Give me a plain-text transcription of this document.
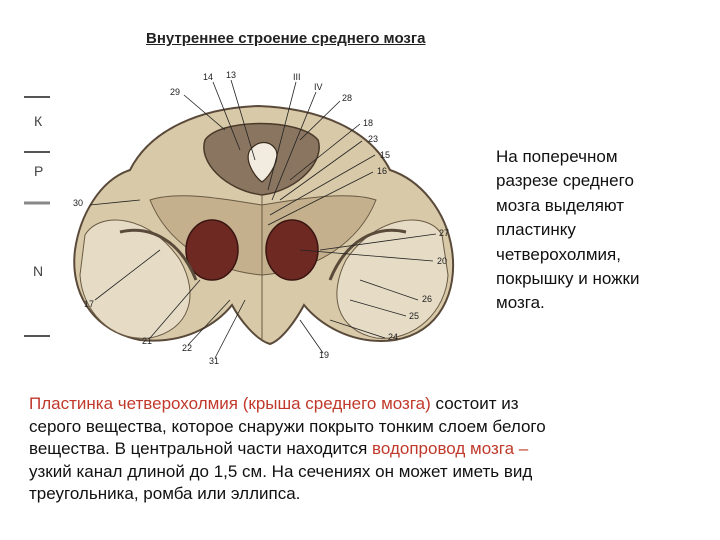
Внутреннее строение среднего мозга
К
Р
N
29
14 13	III
IV
28
18
23
15
16
30
27
20
26
25
24
17
21
22
31
19
На поперечном
разрезе среднего
мозга выделяют
пластинку
четверохолмия,
покрышку и ножки
мозга.
Пластинка четверохолмия (крыша среднего мозга) состоит из
серого вещества, которое снаружи покрыто тонким слоем белого
вещества. В центральной части находится водопровод мозга –
узкий канал длиной до 1,5 см. На сечениях он может иметь вид
треугольника, ромба или эллипса.
